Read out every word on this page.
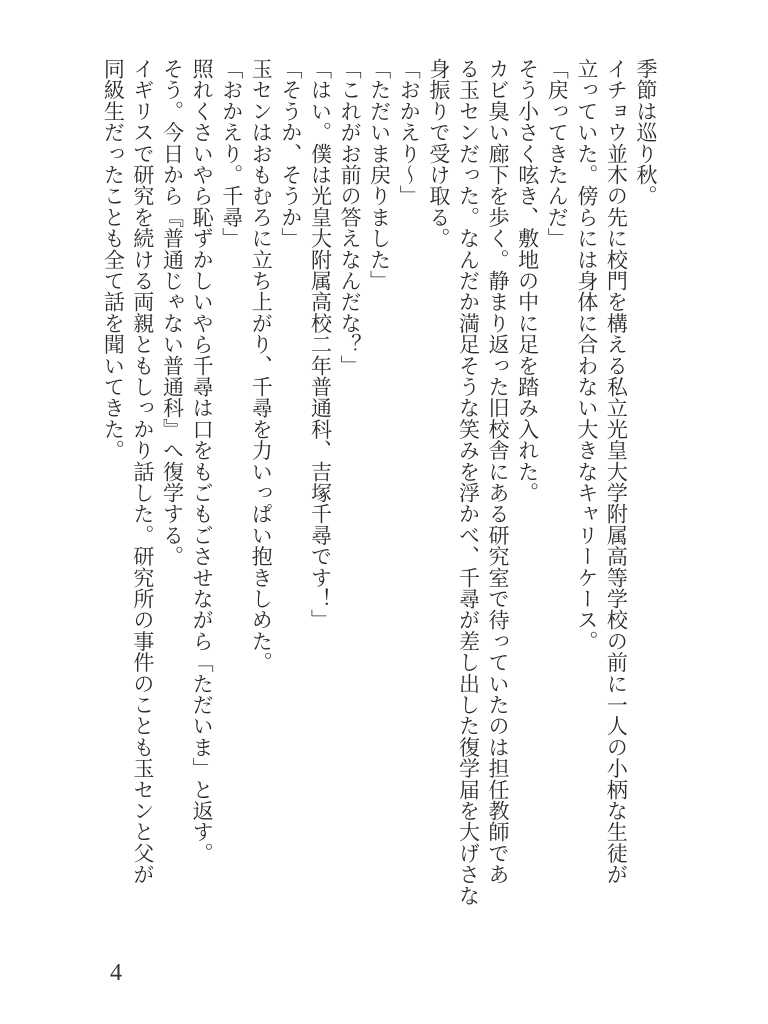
季節は巡り秋。
イチョウ並木の先に校門を構える私立光皇大学附属高等学校の前に一人の小柄な生徒が
立っていた。傍らには身体に合わない大きなキャリーケース。
「戻ってきたんだ」
そう小さく呟き、敷地の中に足を踏み入れた。
カビ臭い廊下を歩く。静まり返った旧校舎にある研究室で待っていたのは担任教師であ
る玉センだった。なんだか満足そうな笑みを浮かべ、千尋が差し出した復学届を大げさな
身振りで受け取る。
「おかえり〜」
「ただいま戻りました」
「これがお前の答えなんだな？」
「はい。僕は光皇大附属高校二年普通科、吉塚千尋です！」
「そうか、そうか」
玉センはおもむろに立ち上がり、千尋を力いっぱい抱きしめた。
「おかえり。千尋」
照れくさいやら恥ずかしいやら千尋は口をもごもごさせながら「ただいま」と返す。
そう。今日から『普通じゃない普通科』へ復学する。
イギリスで研究を続ける両親ともしっかり話した。研究所の事件のことも玉センと父が
同級生だったことも全て話を聞いてきた。
4
